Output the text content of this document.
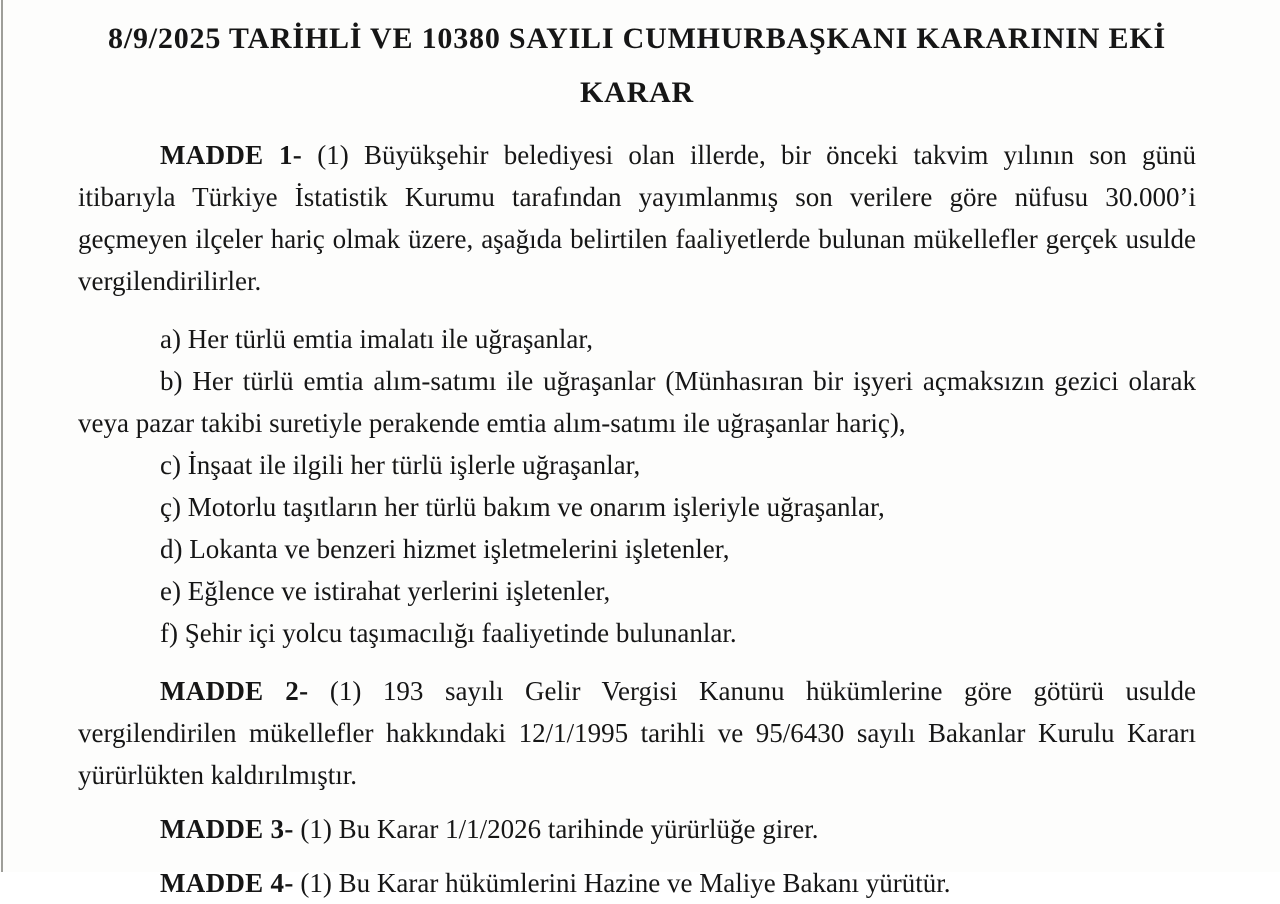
8/9/2025 TARİHLİ VE 10380 SAYILI CUMHURBAŞKANI KARARININ EKİ
KARAR

MADDE 1- (1) Büyükşehir belediyesi olan illerde, bir önceki takvim yılının son günü itibarıyla Türkiye İstatistik Kurumu tarafından yayımlanmış son verilere göre nüfusu 30.000’i geçmeyen ilçeler hariç olmak üzere, aşağıda belirtilen faaliyetlerde bulunan mükellefler gerçek usulde vergilendirilirler.

a) Her türlü emtia imalatı ile uğraşanlar,

b) Her türlü emtia alım-satımı ile uğraşanlar (Münhasıran bir işyeri açmaksızın gezici olarak veya pazar takibi suretiyle perakende emtia alım-satımı ile uğraşanlar hariç),

c) İnşaat ile ilgili her türlü işlerle uğraşanlar,

ç) Motorlu taşıtların her türlü bakım ve onarım işleriyle uğraşanlar,

d) Lokanta ve benzeri hizmet işletmelerini işletenler,

e) Eğlence ve istirahat yerlerini işletenler,

f) Şehir içi yolcu taşımacılığı faaliyetinde bulunanlar.

MADDE 2- (1) 193 sayılı Gelir Vergisi Kanunu hükümlerine göre götürü usulde vergilendirilen mükellefler hakkındaki 12/1/1995 tarihli ve 95/6430 sayılı Bakanlar Kurulu Kararı yürürlükten kaldırılmıştır.

MADDE 3- (1) Bu Karar 1/1/2026 tarihinde yürürlüğe girer.

MADDE 4- (1) Bu Karar hükümlerini Hazine ve Maliye Bakanı yürütür.
